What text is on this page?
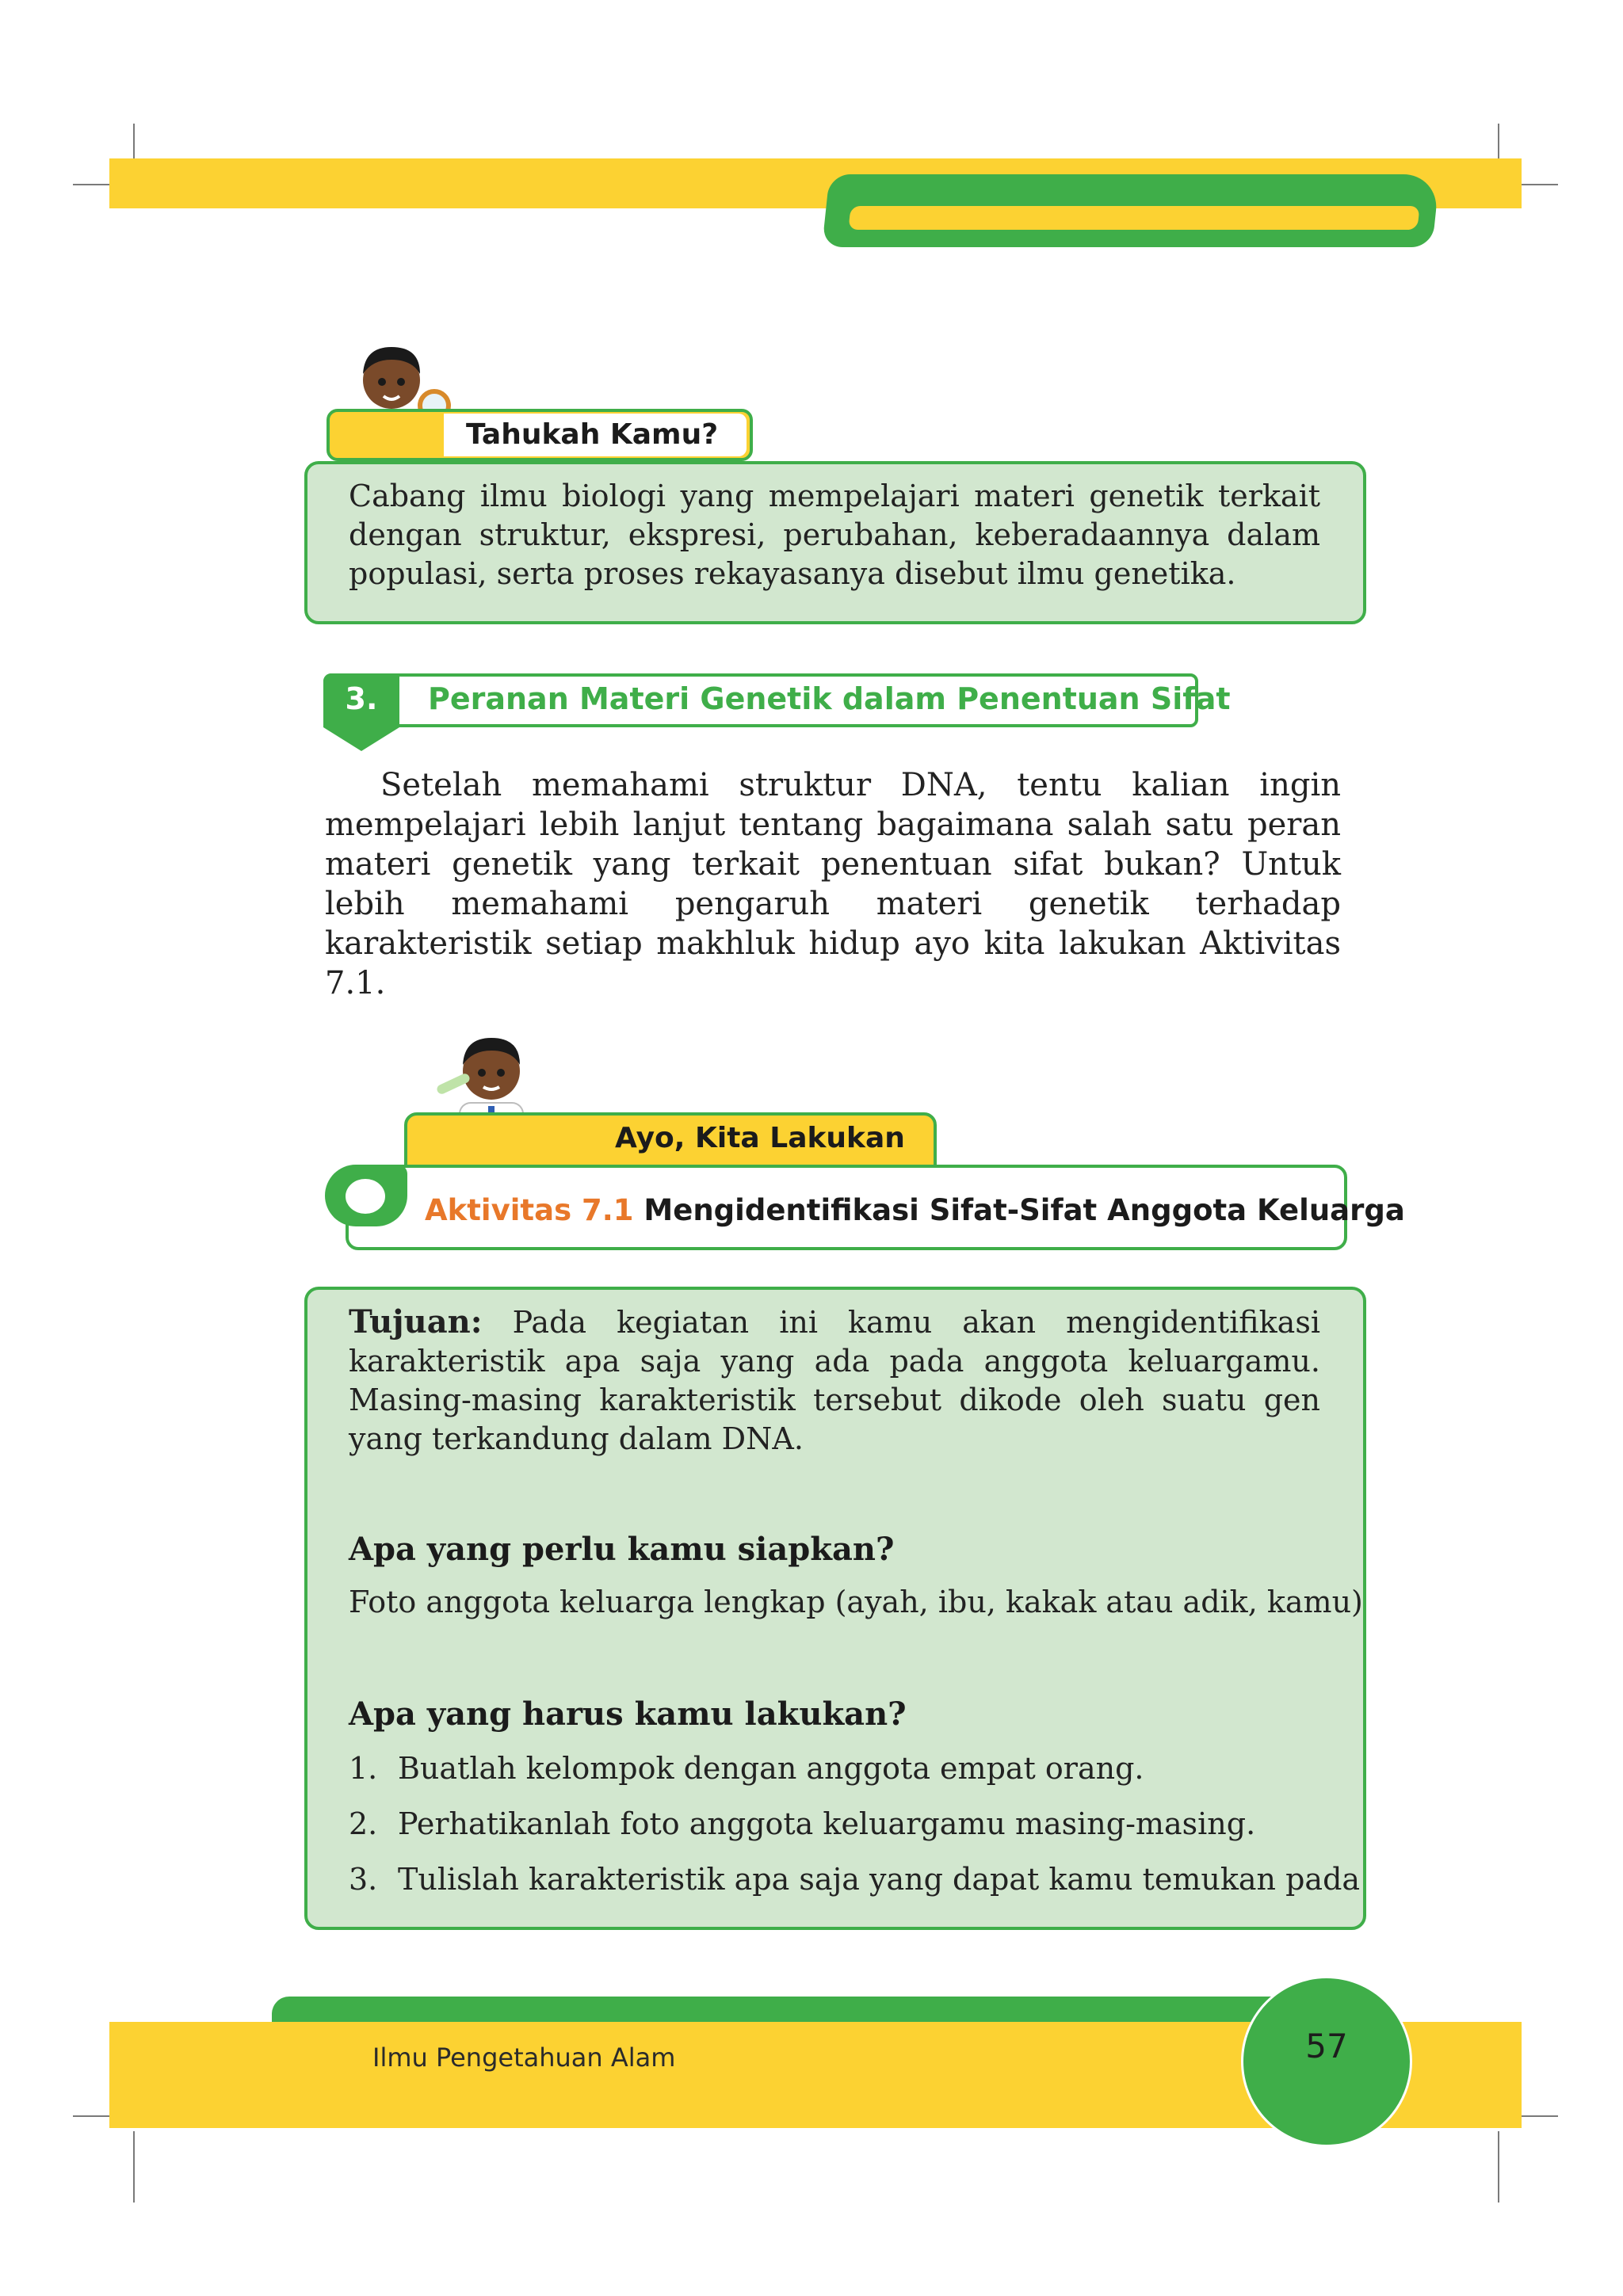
Tahukah Kamu?
Cabang ilmu biologi yang mempelajari materi genetik terkait dengan struktur, ekspresi, perubahan, keberadaannya dalam populasi, serta proses rekayasanya disebut ilmu genetika.
3.	Peranan Materi Genetik dalam Penentuan Sifat
Setelah memahami struktur DNA, tentu kalian ingin mempelajari lebih lanjut tentang bagaimana salah satu peran materi genetik yang terkait penentuan sifat bukan? Untuk lebih memahami pengaruh materi genetik terhadap karakteristik setiap makhluk hidup ayo kita lakukan Aktivitas 7.1.
Ayo, Kita Lakukan
Aktivitas 7.1 Mengidentifikasi Sifat-Sifat Anggota Keluarga
Tujuan: Pada kegiatan ini kamu akan mengidentifikasi karakteristik apa saja yang ada pada anggota keluargamu. Masing-masing karakteristik tersebut dikode oleh suatu gen yang terkandung dalam DNA.
Apa yang perlu kamu siapkan?
Foto anggota keluarga lengkap (ayah, ibu, kakak atau adik, kamu)
Apa yang harus kamu lakukan?
1. Buatlah kelompok dengan anggota empat orang.
2. Perhatikanlah foto anggota keluargamu masing-masing.
3. Tulislah karakteristik apa saja yang dapat kamu temukan pada
Ilmu Pengetahuan Alam	57
